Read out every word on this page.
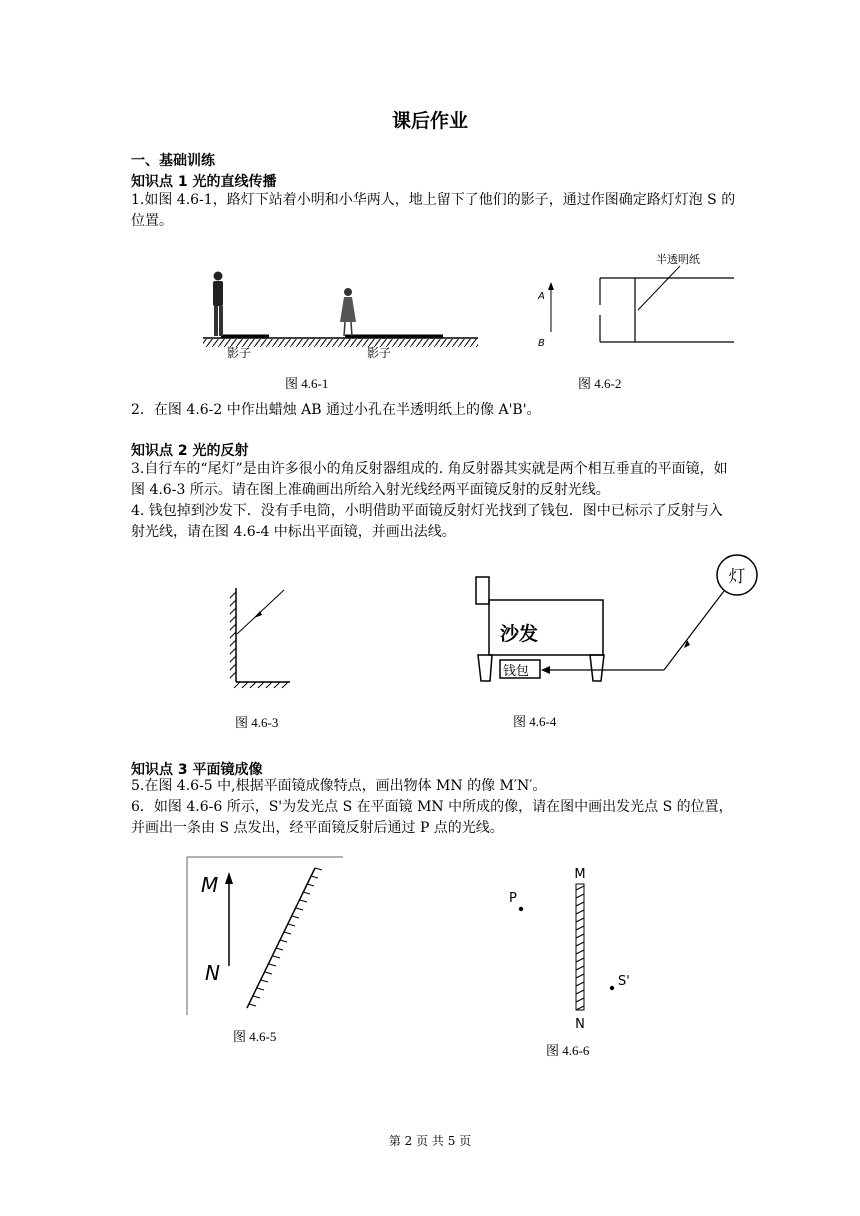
课后作业
一、基础训练
知识点 1 光的直线传播
1.如图 4.6-1，路灯下站着小明和小华两人，地上留下了他们的影子，通过作图确定路灯灯泡 S 的位置。
影子	影子
半透明纸
A
B
图 4.6-1	图 4.6-2
2．在图 4.6-2 中作出蜡烛 AB 通过小孔在半透明纸上的像 A'B'。
知识点 2 光的反射
3.自行车的“尾灯”是由许多很小的角反射器组成的. 角反射器其实就是两个相互垂直的平面镜，如图 4.6-3 所示。请在图上准确画出所给入射光线经两平面镜反射的反射光线。
4. 钱包掉到沙发下．没有手电筒，小明借助平面镜反射灯光找到了钱包．图中已标示了反射与入射光线，请在图 4.6-4 中标出平面镜，并画出法线。
沙发
钱包
灯
图 4.6-3	图 4.6-4
知识点 3 平面镜成像
5.在图 4.6-5 中,根据平面镜成像特点，画出物体 MN 的像 M′N′。
6．如图 4.6-6 所示，S'为发光点 S 在平面镜 MN 中所成的像，请在图中画出发光点 S 的位置，并画出一条由 S 点发出，经平面镜反射后通过 P 点的光线。
M
N
M
N
P
S'
图 4.6-5
图 4.6-6
第 2 页 共 5 页
